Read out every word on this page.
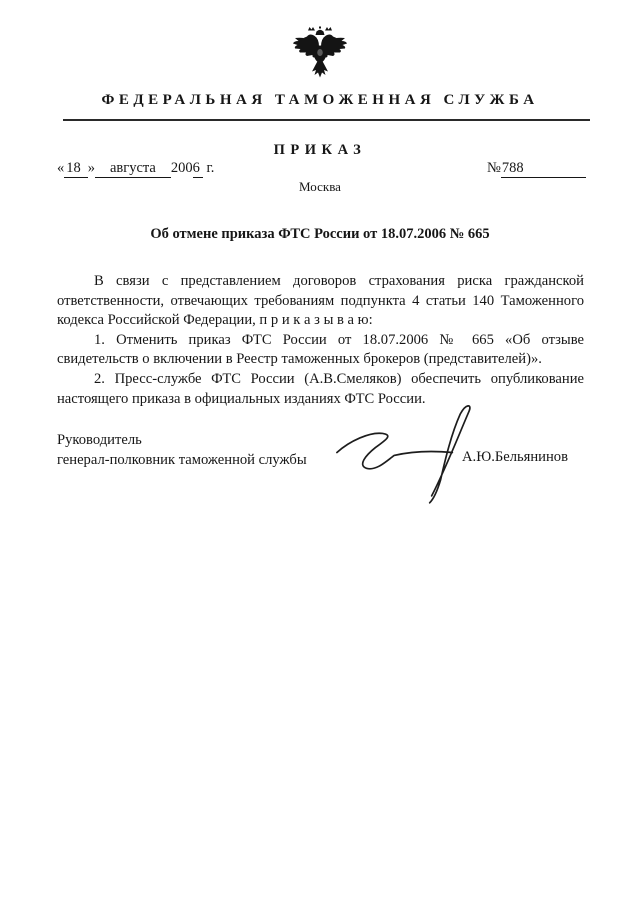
ФЕДЕРАЛЬНАЯ ТАМОЖЕННАЯ СЛУЖБА
ПРИКАЗ
« 18 » августа 2006 г.	№788
Москва
Об отмене приказа ФТС России от 18.07.2006 № 665
В связи с представлением договоров страхования риска гражданской
ответственности, отвечающих требованиям подпункта 4 статьи 140 Таможенного
кодекса Российской Федерации, п р и к а з ы в а ю:
1. Отменить приказ ФТС России от 18.07.2006 № 665 «Об отзыве
свидетельств о включении в Реестр таможенных брокеров (представителей)».
2. Пресс-службе ФТС России (А.В.Смеляков) обеспечить опубликование
настоящего приказа в официальных изданиях ФТС России.
Руководитель
генерал-полковник таможенной службы	А.Ю.Бельянинов
